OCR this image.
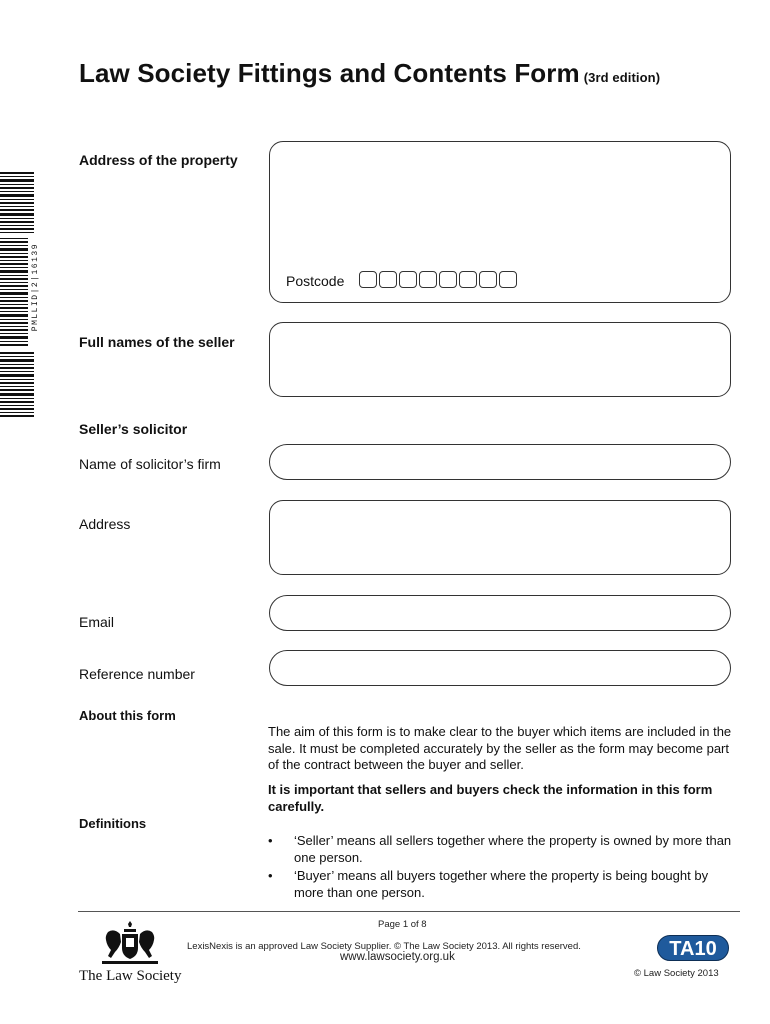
PMLLID|2|16139
Law Society Fittings and Contents Form (3rd edition)
Address of the property
Postcode
Full names of the seller
Seller’s solicitor
Name of solicitor’s firm
Address
Email
Reference number
About this form
The aim of this form is to make clear to the buyer which items are included in the sale. It must be completed accurately by the seller as the form may become part of the contract between the buyer and seller.
It is important that sellers and buyers check the information in this form carefully.
Definitions
• ‘Seller’ means all sellers together where the property is owned by more than one person.
• ‘Buyer’ means all buyers together where the property is being bought by more than one person.
Page 1 of 8
The Law Society
LexisNexis is an approved Law Society Supplier. © The Law Society 2013. All rights reserved.
www.lawsociety.org.uk	TA10
© Law Society 2013
